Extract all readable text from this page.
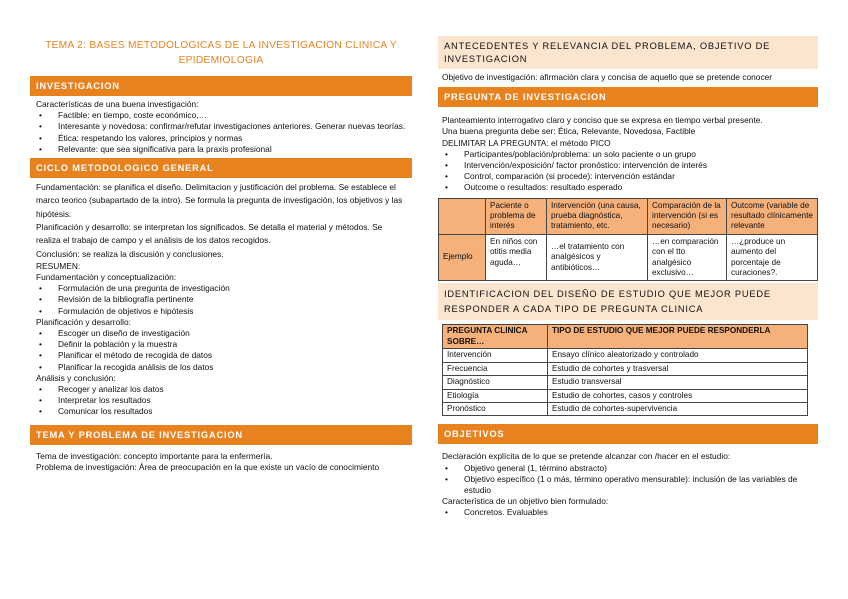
TEMA 2: BASES METODOLOGICAS DE LA INVESTIGACION CLINICA Y EPIDEMIOLOGIA
INVESTIGACION
Características de una buena investigación:
• Factible: en tiempo, coste económico,…
• Interesante y novedosa: confirmar/refutar investigaciones anteriores. Generar nuevas teorías.
• Ética: respetando los valores, principios y normas
• Relevante: que sea significativa para la praxis profesional
CICLO METODOLOGICO GENERAL
Fundamentación: se planifica el diseño. Delimitacion y justificación del problema. Se establece el marco teorico (subapartado de la intro). Se formula la pregunta de investigación, los objetivos y las hipótesis.
Planificación y desarrollo: se interpretan los significados. Se detalla el material y métodos. Se realiza el trabajo de campo y el análisis de los datos recogidos.
Conclusión: se realiza la discusión y conclusiones.
RESUMEN:
Fundamentación y conceptualización:
• Formulación de una pregunta de investigación
• Revisión de la bibliografía pertinente
• Formulación de objetivos e hipótesis
Planificación y desarrollo:
• Escoger un diseño de investigación
• Definir la población y la muestra
• Planificar el método de recogida de datos
• Planificar la recogida análisis de los datos
Análisis y conclusión:
• Recoger y analizar los datos
• Interpretar los resultados
• Comunicar los resultados
TEMA Y PROBLEMA DE INVESTIGACION
Tema de investigación: concepto importante para la enfermería.
Problema de investigación: Área de preocupación en la que existe un vacío de conocimiento
ANTECEDENTES Y RELEVANCIA DEL PROBLEMA, OBJETIVO DE INVESTIGACION
Objetivo de investigación: afirmación clara y concisa de aquello que se pretende conocer
PREGUNTA DE INVESTIGACION
Planteamiento interrogativo claro y conciso que se expresa en tiempo verbal presente.
Una buena pregunta debe ser: Ética, Relevante, Novedosa, Factible
DELIMITAR LA PREGUNTA: el método PICO
• Participantes/población/problema: un solo paciente o un grupo
• Intervención/exposición/ factor pronóstico: intervención de interés
• Control, comparación (si procede): intervención estándar
• Outcome o resultados: resultado esperado
	Paciente o problema de interés	Intervención (una causa, prueba diagnóstica, tratamiento, etc.	Comparación de la intervención (si es necesario)	Outcome (variable de resultado clínicamente relevante
Ejemplo	En niños con otitis media aguda…	…el tratamiento con analgésicos y antibióticos…	…en comparación con el tto analgésico exclusivo…	…¿produce un aumento del porcentaje de curaciones?.
IDENTIFICACION DEL DISEÑO DE ESTUDIO QUE MEJOR PUEDE RESPONDER A CADA TIPO DE PREGUNTA CLINICA
PREGUNTA CLINICA SOBRE…	TIPO DE ESTUDIO QUE MEJOR PUEDE RESPONDERLA
Intervención	Ensayo clínico aleatorizado y controlado
Frecuencia	Estudio de cohortes y trasversal
Diagnóstico	Estudio transversal
Etiología	Estudio de cohortes, casos y controles
Pronóstico	Estudio de cohortes-supervivencia
OBJETIVOS
Declaración explícita de lo que se pretende alcanzar con /hacer en el estudio:
• Objetivo general (1, término abstracto)
• Objetivo específico (1 o más, término operativo mensurable): inclusión de las variables de estudio
Característica de un objetivo bien formulado:
• Concretos. Evaluables
